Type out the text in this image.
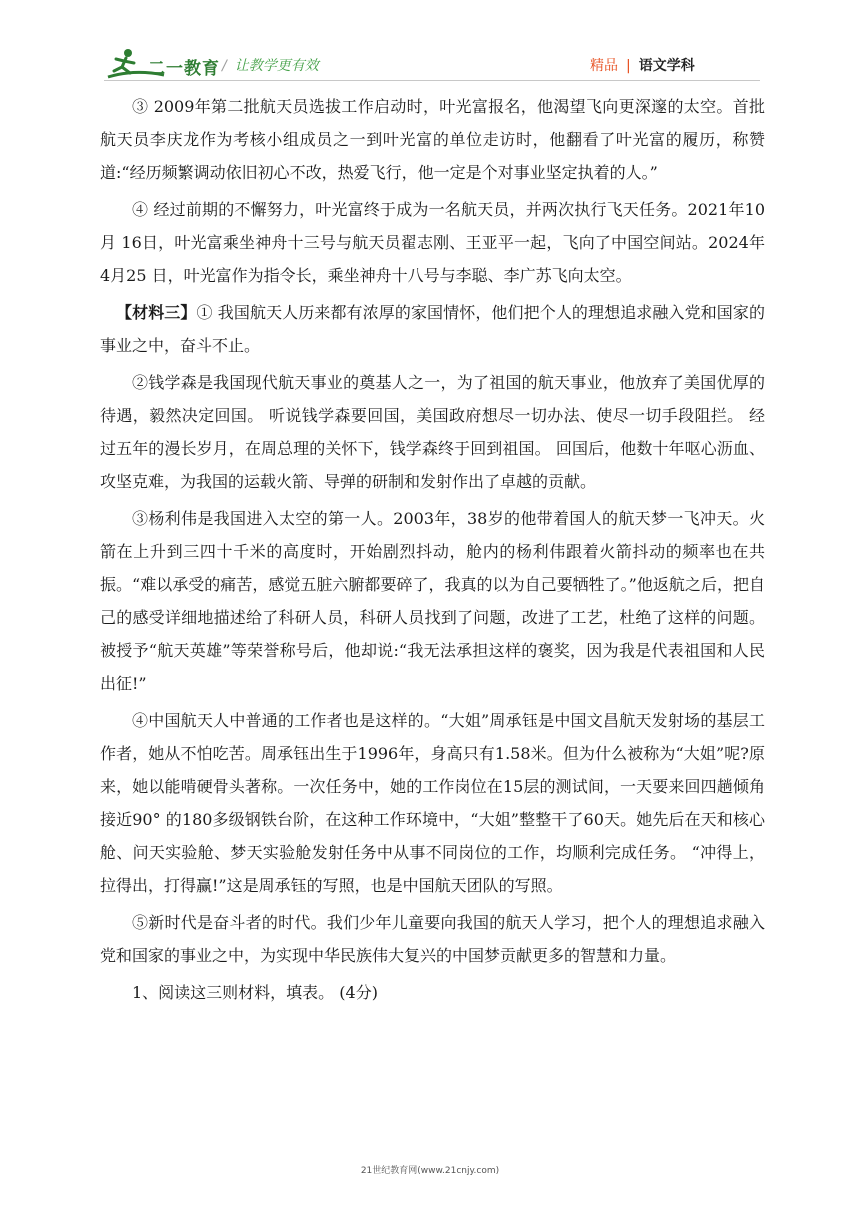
二一教育 / 让教学更有效	精品 | 语文学科

③ 2009年第二批航天员选拔工作启动时，叶光富报名，他渴望飞向更深邃的太空。首批航天员李庆龙作为考核小组成员之一到叶光富的单位走访时，他翻看了叶光富的履历，称赞道:“经历频繁调动依旧初心不改，热爱飞行，他一定是个对事业坚定执着的人。”

④ 经过前期的不懈努力，叶光富终于成为一名航天员，并两次执行飞天任务。2021年10月 16日，叶光富乘坐神舟十三号与航天员翟志刚、王亚平一起，飞向了中国空间站。2024年4月25 日，叶光富作为指令长，乘坐神舟十八号与李聪、李广苏飞向太空。

【材料三】① 我国航天人历来都有浓厚的家国情怀，他们把个人的理想追求融入党和国家的事业之中，奋斗不止。

②钱学森是我国现代航天事业的奠基人之一，为了祖国的航天事业，他放弃了美国优厚的待遇，毅然决定回国。 听说钱学森要回国，美国政府想尽一切办法、使尽一切手段阻拦。 经过五年的漫长岁月，在周总理的关怀下，钱学森终于回到祖国。 回国后，他数十年呕心沥血、攻坚克难，为我国的运载火箭、导弹的研制和发射作出了卓越的贡献。

③杨利伟是我国进入太空的第一人。2003年，38岁的他带着国人的航天梦一飞冲天。火箭在上升到三四十千米的高度时，开始剧烈抖动，舱内的杨利伟跟着火箭抖动的频率也在共振。“难以承受的痛苦，感觉五脏六腑都要碎了，我真的以为自己要牺牲了。”他返航之后，把自己的感受详细地描述给了科研人员，科研人员找到了问题，改进了工艺，杜绝了这样的问题。被授予“航天英雄”等荣誉称号后，他却说:“我无法承担这样的褒奖，因为我是代表祖国和人民出征!”

④中国航天人中普通的工作者也是这样的。“大姐”周承钰是中国文昌航天发射场的基层工作者，她从不怕吃苦。周承钰出生于1996年，身高只有1.58米。但为什么被称为“大姐”呢?原来，她以能啃硬骨头著称。一次任务中，她的工作岗位在15层的测试间，一天要来回四趟倾角接近90° 的180多级钢铁台阶，在这种工作环境中，“大姐”整整干了60天。她先后在天和核心舱、问天实验舱、梦天实验舱发射任务中从事不同岗位的工作，均顺利完成任务。 “冲得上，拉得出，打得赢!”这是周承钰的写照，也是中国航天团队的写照。

⑤新时代是奋斗者的时代。我们少年儿童要向我国的航天人学习，把个人的理想追求融入党和国家的事业之中，为实现中华民族伟大复兴的中国梦贡献更多的智慧和力量。

1、阅读这三则材料，填表。 (4分)

21世纪教育网(www.21cnjy.com)
